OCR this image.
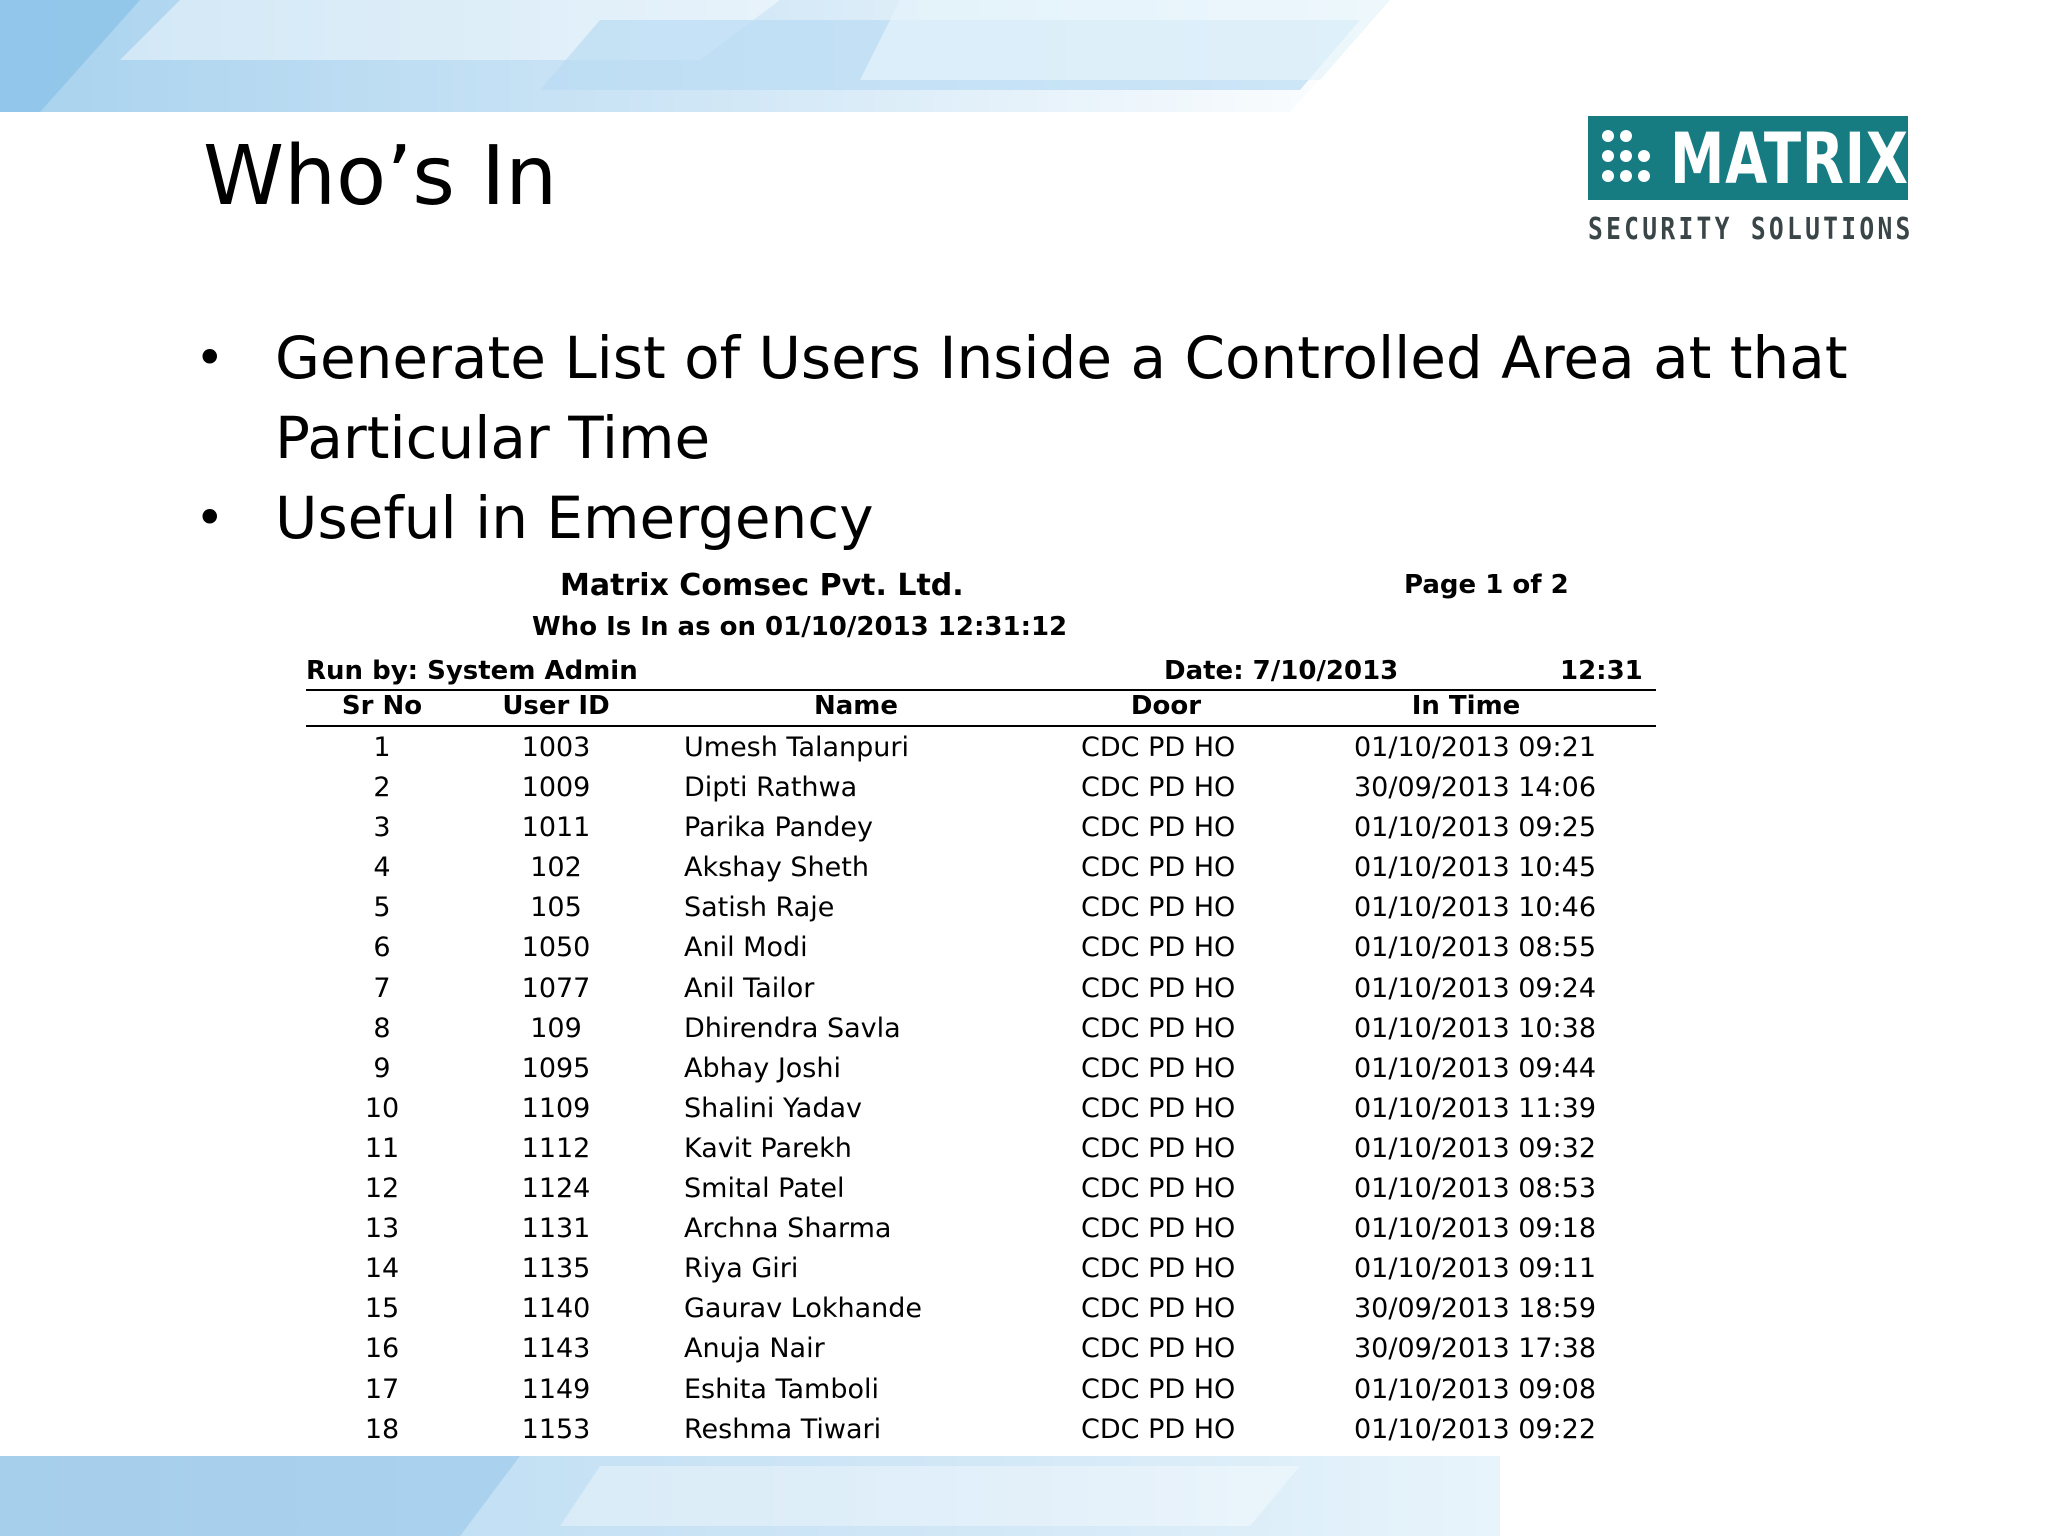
Who’s In	MATRIX
SECURITY SOLUTIONS
• Generate List of Users Inside a Controlled Area at that Particular Time
• Useful in Emergency
Matrix Comsec Pvt. Ltd.	Page 1 of 2
Who Is In as on 01/10/2013 12:31:12
Run by: System Admin	Date: 7/10/2013	12:31
Sr No	User ID	Name	Door	In Time
1	1003	Umesh Talanpuri	CDC PD HO	01/10/2013 09:21
2	1009	Dipti Rathwa	CDC PD HO	30/09/2013 14:06
3	1011	Parika Pandey	CDC PD HO	01/10/2013 09:25
4	102	Akshay Sheth	CDC PD HO	01/10/2013 10:45
5	105	Satish Raje	CDC PD HO	01/10/2013 10:46
6	1050	Anil Modi	CDC PD HO	01/10/2013 08:55
7	1077	Anil Tailor	CDC PD HO	01/10/2013 09:24
8	109	Dhirendra Savla	CDC PD HO	01/10/2013 10:38
9	1095	Abhay Joshi	CDC PD HO	01/10/2013 09:44
10	1109	Shalini Yadav	CDC PD HO	01/10/2013 11:39
11	1112	Kavit Parekh	CDC PD HO	01/10/2013 09:32
12	1124	Smital Patel	CDC PD HO	01/10/2013 08:53
13	1131	Archna Sharma	CDC PD HO	01/10/2013 09:18
14	1135	Riya Giri	CDC PD HO	01/10/2013 09:11
15	1140	Gaurav Lokhande	CDC PD HO	30/09/2013 18:59
16	1143	Anuja Nair	CDC PD HO	30/09/2013 17:38
17	1149	Eshita Tamboli	CDC PD HO	01/10/2013 09:08
18	1153	Reshma Tiwari	CDC PD HO	01/10/2013 09:22
